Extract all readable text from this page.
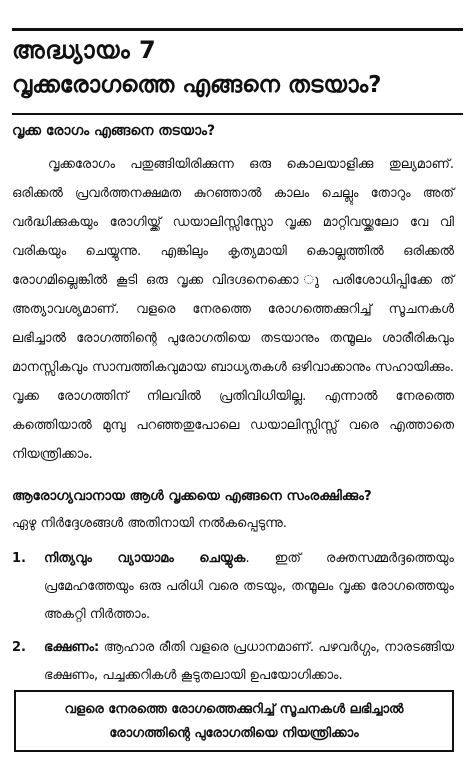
അദ്ധ്യായം 7
വൃക്കരോഗത്തെ എങ്ങനെ തടയാം?
വൃക്ക രോഗം എങ്ങനെ തടയാം?

വൃക്കരോഗം പതുങ്ങിയിരിക്കുന്ന ഒരു കൊലയാളിക്കു തുല്യമാണ്. ഒരിക്കൽ പ്രവർത്തനക്ഷമത കുറഞ്ഞാൽ കാലം ചെല്ലും തോറും അത് വർദ്ധിക്കുകയും രോഗിയ്ക്ക് ഡയാലിസ്സിസ്സോ വൃക്ക മാറ്റിവയ്ക്കലോ വേ വി വരികയും ചെയ്യുന്നു. എങ്കിലും കൃത്യമായി കൊല്ലത്തിൽ ഒരിക്കൽ രോഗമില്ലെങ്കിൽ കൂടി ഒരു വൃക്ക വിദഗ്ദനെക്കൊ ു പരിശോധിപ്പിക്കേ ത് അത്യാവശ്യമാണ്. വളരെ നേരത്തെ രോഗത്തെക്കുറിച്ച് സൂചനകൾ ലഭിച്ചാൽ രോഗത്തിന്റെ പുരോഗതിയെ തടയാനും തന്മൂലം ശാരീരികവും മാനസ്സികവും സാമ്പത്തികവുമായ ബാധ്യതകൾ ഒഴിവാക്കാനും സഹായിക്കും. വൃക്ക രോഗത്തിന് നിലവിൽ പ്രതിവിധിയില്ല. എന്നാൽ നേരത്തെ കത്തെിയാൽ മുമ്പു പറഞ്ഞതുപോലെ ഡയാലിസ്സിസ്സ് വരെ എത്താതെ നിയന്ത്രിക്കാം.

ആരോഗ്യവാനായ ആൾ വൃക്കയെ എങ്ങനെ സംരക്ഷിക്കും?
ഏഴു നിർദ്ദേശങ്ങൾ അതിനായി നൽകപ്പെടുന്നു.
1.	നിത്യവും വ്യായാമം ചെയ്യുക. ഇത് രക്തസമ്മർദ്ദത്തെയും പ്രമേഹത്തേയും ഒരു പരിധി വരെ തടയും, തന്മൂലം വൃക്ക രോഗത്തെയും അകറ്റി നിർത്താം.
2.	ഭക്ഷണം: ആഹാര രീതി വളരെ പ്രധാനമാണ്. പഴവർഗ്ഗം, നാരടങ്ങിയ ഭക്ഷണം, പച്ചക്കറികൾ കൂടുതലായി ഉപയോഗിക്കാം.
വളരെ നേരത്തെ രോഗത്തെക്കുറിച്ച് സൂചനകൾ ലഭിച്ചാൽ
രോഗത്തിന്റെ പുരോഗതിയെ നിയന്ത്രിക്കാം
